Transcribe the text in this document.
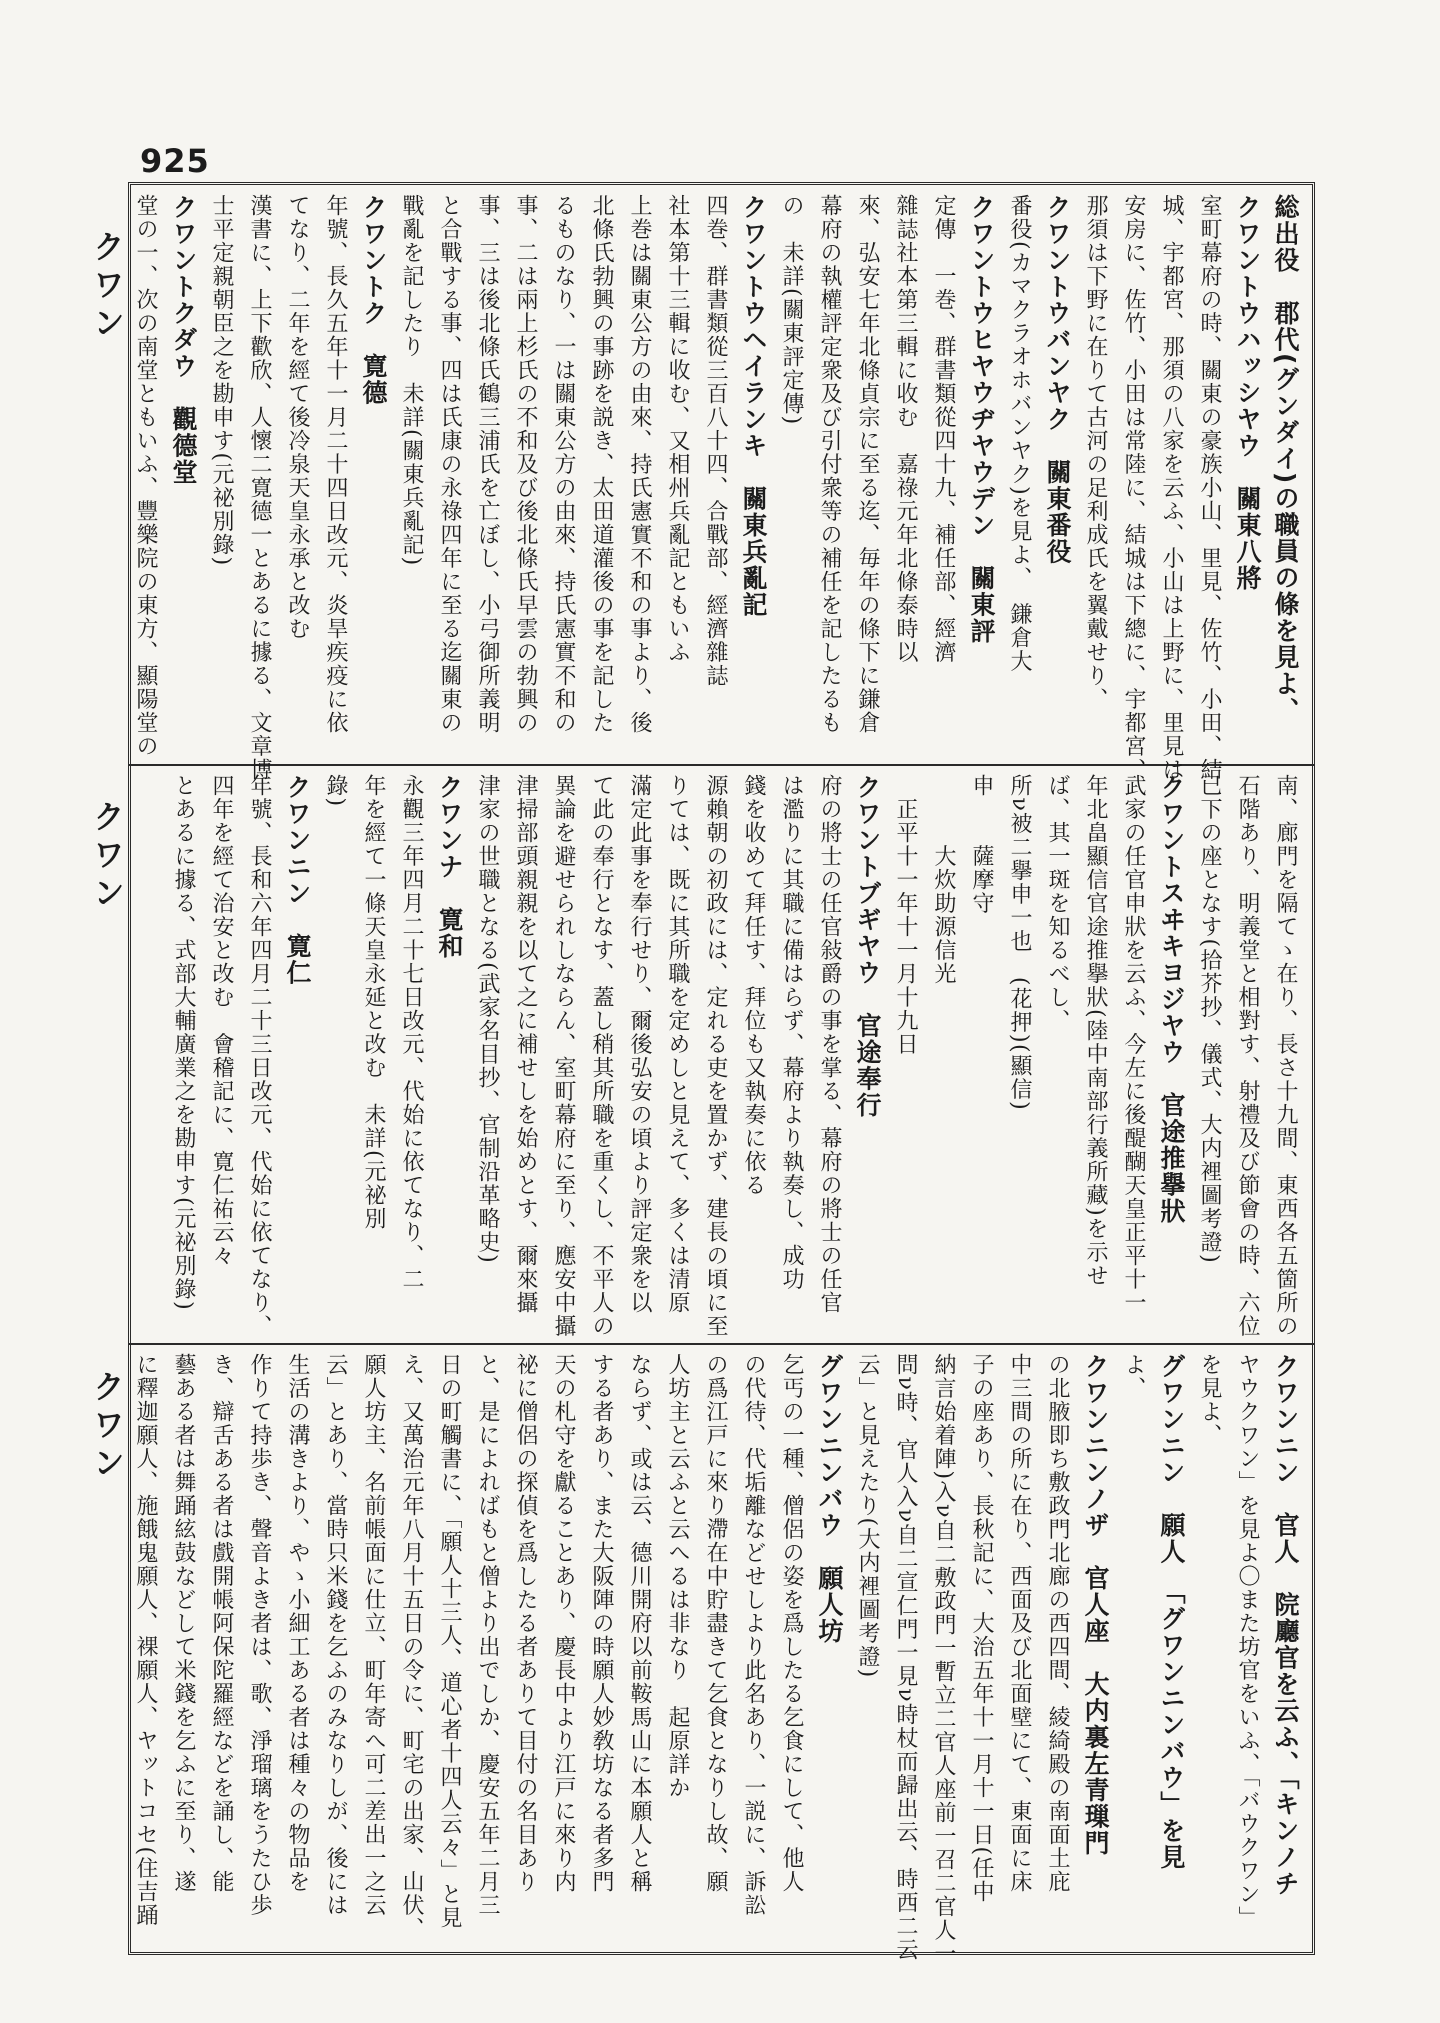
925
クワン
クワン
クワン
総出役　郡代(グンダイ)の職員の條を見よ、
クワントウハッシヤウ　關東八將
室町幕府の時、關東の豪族小山、里見、佐竹、小田、結
城、宇都宮、那須の八家を云ふ、小山は上野に、里見は
安房に、佐竹、小田は常陸に、結城は下總に、宇都宮、
那須は下野に在りて古河の足利成氏を翼戴せり、
クワントウバンヤク　關東番役
番役(カマクラオホバンヤク)を見よ、　鎌倉大
クワントウヒヤウヂヤウデン　關東評
定傳　一巻、群書類從四十九、補任部、經濟
雜誌社本第三輯に收む　嘉祿元年北條泰時以
來、弘安七年北條貞宗に至る迄、毎年の條下に鎌倉
幕府の執權評定衆及び引付衆等の補任を記したるも
の　未詳(關東評定傳)
クワントウヘイランキ　關東兵亂記
四巻、群書類從三百八十四、合戰部、經濟雜誌
社本第十三輯に收む、又相州兵亂記ともいふ
上巻は關東公方の由來、持氏憲實不和の事より、後
北條氏勃興の事跡を説き、太田道灌後の事を記した
るものなり、一は關東公方の由來、持氏憲實不和の
事、二は兩上杉氏の不和及び後北條氏早雲の勃興の
事、三は後北條氏鶴三浦氏を亡ぼし、小弓御所義明
と合戰する事、四は氏康の永祿四年に至る迄關東の
戰亂を記したり　未詳(關東兵亂記)
クワントク　寛德
年號、長久五年十一月二十四日改元、炎旱疾疫に依
てなり、二年を經て後冷泉天皇永承と改む
漢書に、上下歡欣、人懷二寛德一とあるに據る、文章博
士平定親朝臣之を勘申す(元祕別錄)
クワントクダウ　觀德堂
堂の一、次の南堂ともいふ、豐樂院の東方、顯陽堂の
南、廊門を隔てゝ在り、長さ十九間、東西各五箇所の
石階あり、明義堂と相對す、射禮及び節會の時、六位
已下の座となす(拾芥抄、儀式、大内裡圖考證)
クワントスヰキヨジヤウ　官途推擧狀
武家の任官申狀を云ふ、今左に後醍醐天皇正平十一
年北畠顯信官途推擧狀(陸中南部行義所藏)を示せ
ば、其一斑を知るべし、
所ν被二擧申一也　(花押)(顯信)
申　　薩摩守
　　　大炊助源信光
　正平十一年十一月十九日
クワントブギヤウ　官途奉行
府の將士の任官敍爵の事を掌る、幕府の將士の任官
は濫りに其職に備はらず、幕府より執奏し、成功
錢を收めて拜任す、拜位も又執奏に依る
源賴朝の初政には、定れる吏を置かず、建長の頃に至
りては、既に其所職を定めしと見えて、多くは清原
滿定此事を奉行せり、爾後弘安の頃より評定衆を以
て此の奉行となす、蓋し稍其所職を重くし、不平人の
異論を避せられしならん、室町幕府に至り、應安中攝
津掃部頭親親を以て之に補せしを始めとす、爾來攝
津家の世職となる(武家名目抄、官制沿革略史)
クワンナ　寛和
永觀三年四月二十七日改元、代始に依てなり、二
年を經て一條天皇永延と改む　未詳(元祕別
錄)
クワンニン　寛仁
年號、長和六年四月二十三日改元、代始に依てなり、
四年を經て治安と改む　會稽記に、寛仁祐云々
とあるに據る、式部大輔廣業之を勘申す(元祕別錄)
クワンニン　官人　院廳官を云ふ、「キンノチ
ヤウクワン」を見よ〇また坊官をいふ、「バウクワン」
を見よ、
グワンニン　願人　「グワンニンバウ」を見
よ、
クワンニンノザ　官人座　大内裏左青璅門
の北腋即ち敷政門北廊の西四間、綾綺殿の南面土庇
中三間の所に在り、西面及び北面壁にて、東面に床
子の座あり、長秋記に、大治五年十一月十一日(任中
納言始着陣)入ν自二敷政門一暫立二官人座前一召二官人一
問ν時、官人入ν自二宣仁門一見ν時杖而歸出云、時西二云
云」と見えたり(大内裡圖考證)
グワンニンバウ　願人坊
乞丐の一種、僧侶の姿を爲したる乞食にして、他人
の代待、代垢離などせしより此名あり、一説に、訴訟
の爲江戸に來り滯在中貯盡きて乞食となりし故、願
人坊主と云ふと云へるは非なり　起原詳か
ならず、或は云、德川開府以前鞍馬山に本願人と稱
する者あり、また大阪陣の時願人妙敎坊なる者多門
天の札守を獻ることあり、慶長中より江戸に來り内
祕に僧侶の探偵を爲したる者ありて目付の名目あり
と、是によればもと僧より出でしか、慶安五年二月三
日の町觸書に、「願人十三人、道心者十四人云々」と見
え、又萬治元年八月十五日の令に、町宅の出家、山伏、
願人坊主、名前帳面に仕立、町年寄へ可二差出一之云
云」とあり、當時只米錢を乞ふのみなりしが、後には
生活の溝きより、やゝ小細工ある者は種々の物品を
作りて持歩き、聲音よき者は、歌、淨瑠璃をうたひ歩
き、辯舌ある者は戲開帳阿保陀羅經などを誦し、能
藝ある者は舞踊絃鼓などして米錢を乞ふに至り、遂
に釋迦願人、施餓鬼願人、裸願人、ヤットコセ(住吉踊
